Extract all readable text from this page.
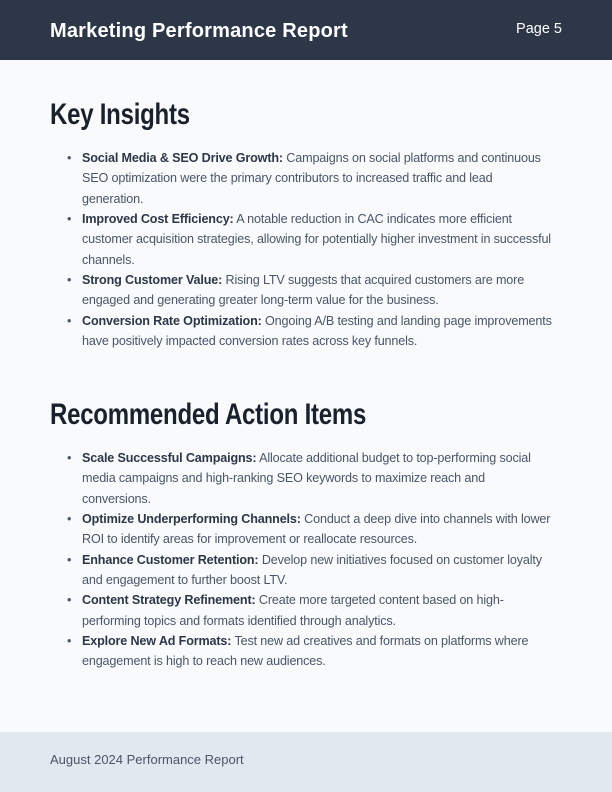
Marketing Performance Report	Page 5
Key Insights
• Social Media & SEO Drive Growth: Campaigns on social platforms and continuous SEO optimization were the primary contributors to increased traffic and lead generation.
• Improved Cost Efficiency: A notable reduction in CAC indicates more efficient customer acquisition strategies, allowing for potentially higher investment in successful channels.
• Strong Customer Value: Rising LTV suggests that acquired customers are more engaged and generating greater long-term value for the business.
• Conversion Rate Optimization: Ongoing A/B testing and landing page improvements have positively impacted conversion rates across key funnels.
Recommended Action Items
• Scale Successful Campaigns: Allocate additional budget to top-performing social media campaigns and high-ranking SEO keywords to maximize reach and conversions.
• Optimize Underperforming Channels: Conduct a deep dive into channels with lower ROI to identify areas for improvement or reallocate resources.
• Enhance Customer Retention: Develop new initiatives focused on customer loyalty and engagement to further boost LTV.
• Content Strategy Refinement: Create more targeted content based on high-performing topics and formats identified through analytics.
• Explore New Ad Formats: Test new ad creatives and formats on platforms where engagement is high to reach new audiences.
August 2024 Performance Report
